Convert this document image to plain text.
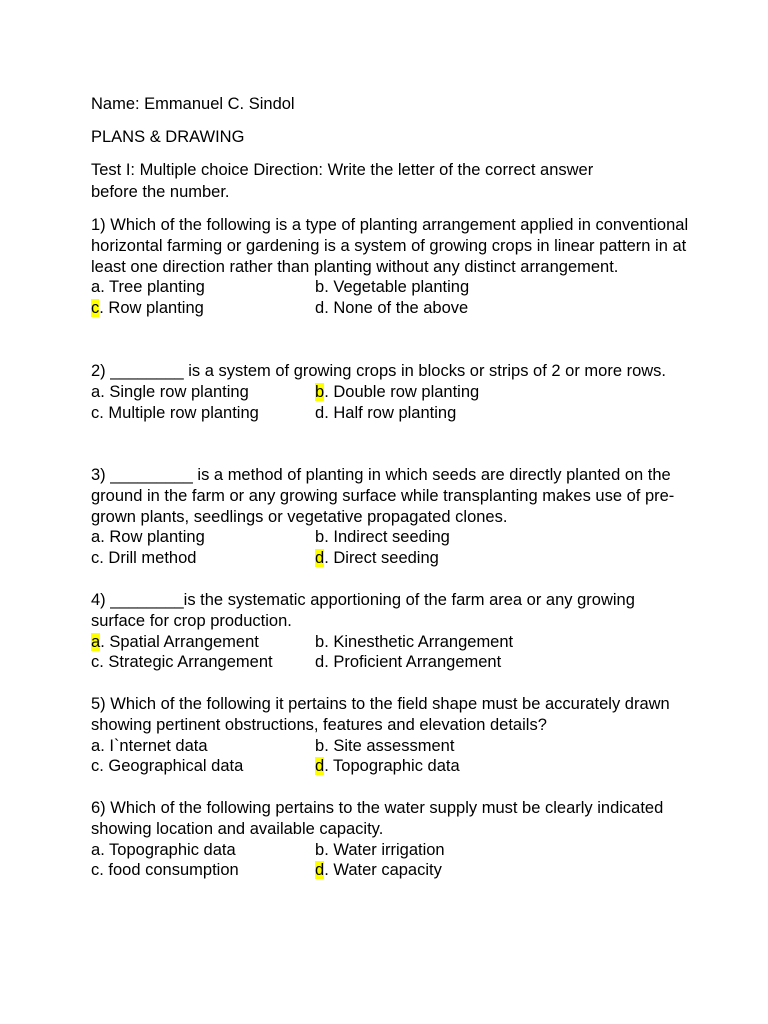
Name: Emmanuel C. Sindol
PLANS & DRAWING
Test I: Multiple choice Direction: Write the letter of the correct answer
before the number.
1) Which of the following is a type of planting arrangement applied in conventional horizontal farming or gardening is a system of growing crops in linear pattern in at least one direction rather than planting without any distinct arrangement.
a. Tree planting	b. Vegetable planting
c. Row planting	d. None of the above
2) ________ is a system of growing crops in blocks or strips of 2 or more rows.
a. Single row planting	b. Double row planting
c. Multiple row planting	d. Half row planting
3) _________ is a method of planting in which seeds are directly planted on the ground in the farm or any growing surface while transplanting makes use of pre-grown plants, seedlings or vegetative propagated clones.
a. Row planting	b. Indirect seeding
c. Drill method	d. Direct seeding
4) ________is the systematic apportioning of the farm area or any growing surface for crop production.
a. Spatial Arrangement	b. Kinesthetic Arrangement
c. Strategic Arrangement	d. Proficient Arrangement
5) Which of the following it pertains to the field shape must be accurately drawn showing pertinent obstructions, features and elevation details?
a. I`nternet data	b. Site assessment
c. Geographical data	d. Topographic data
6) Which of the following pertains to the water supply must be clearly indicated showing location and available capacity.
a. Topographic data	b. Water irrigation
c. food consumption	d. Water capacity
